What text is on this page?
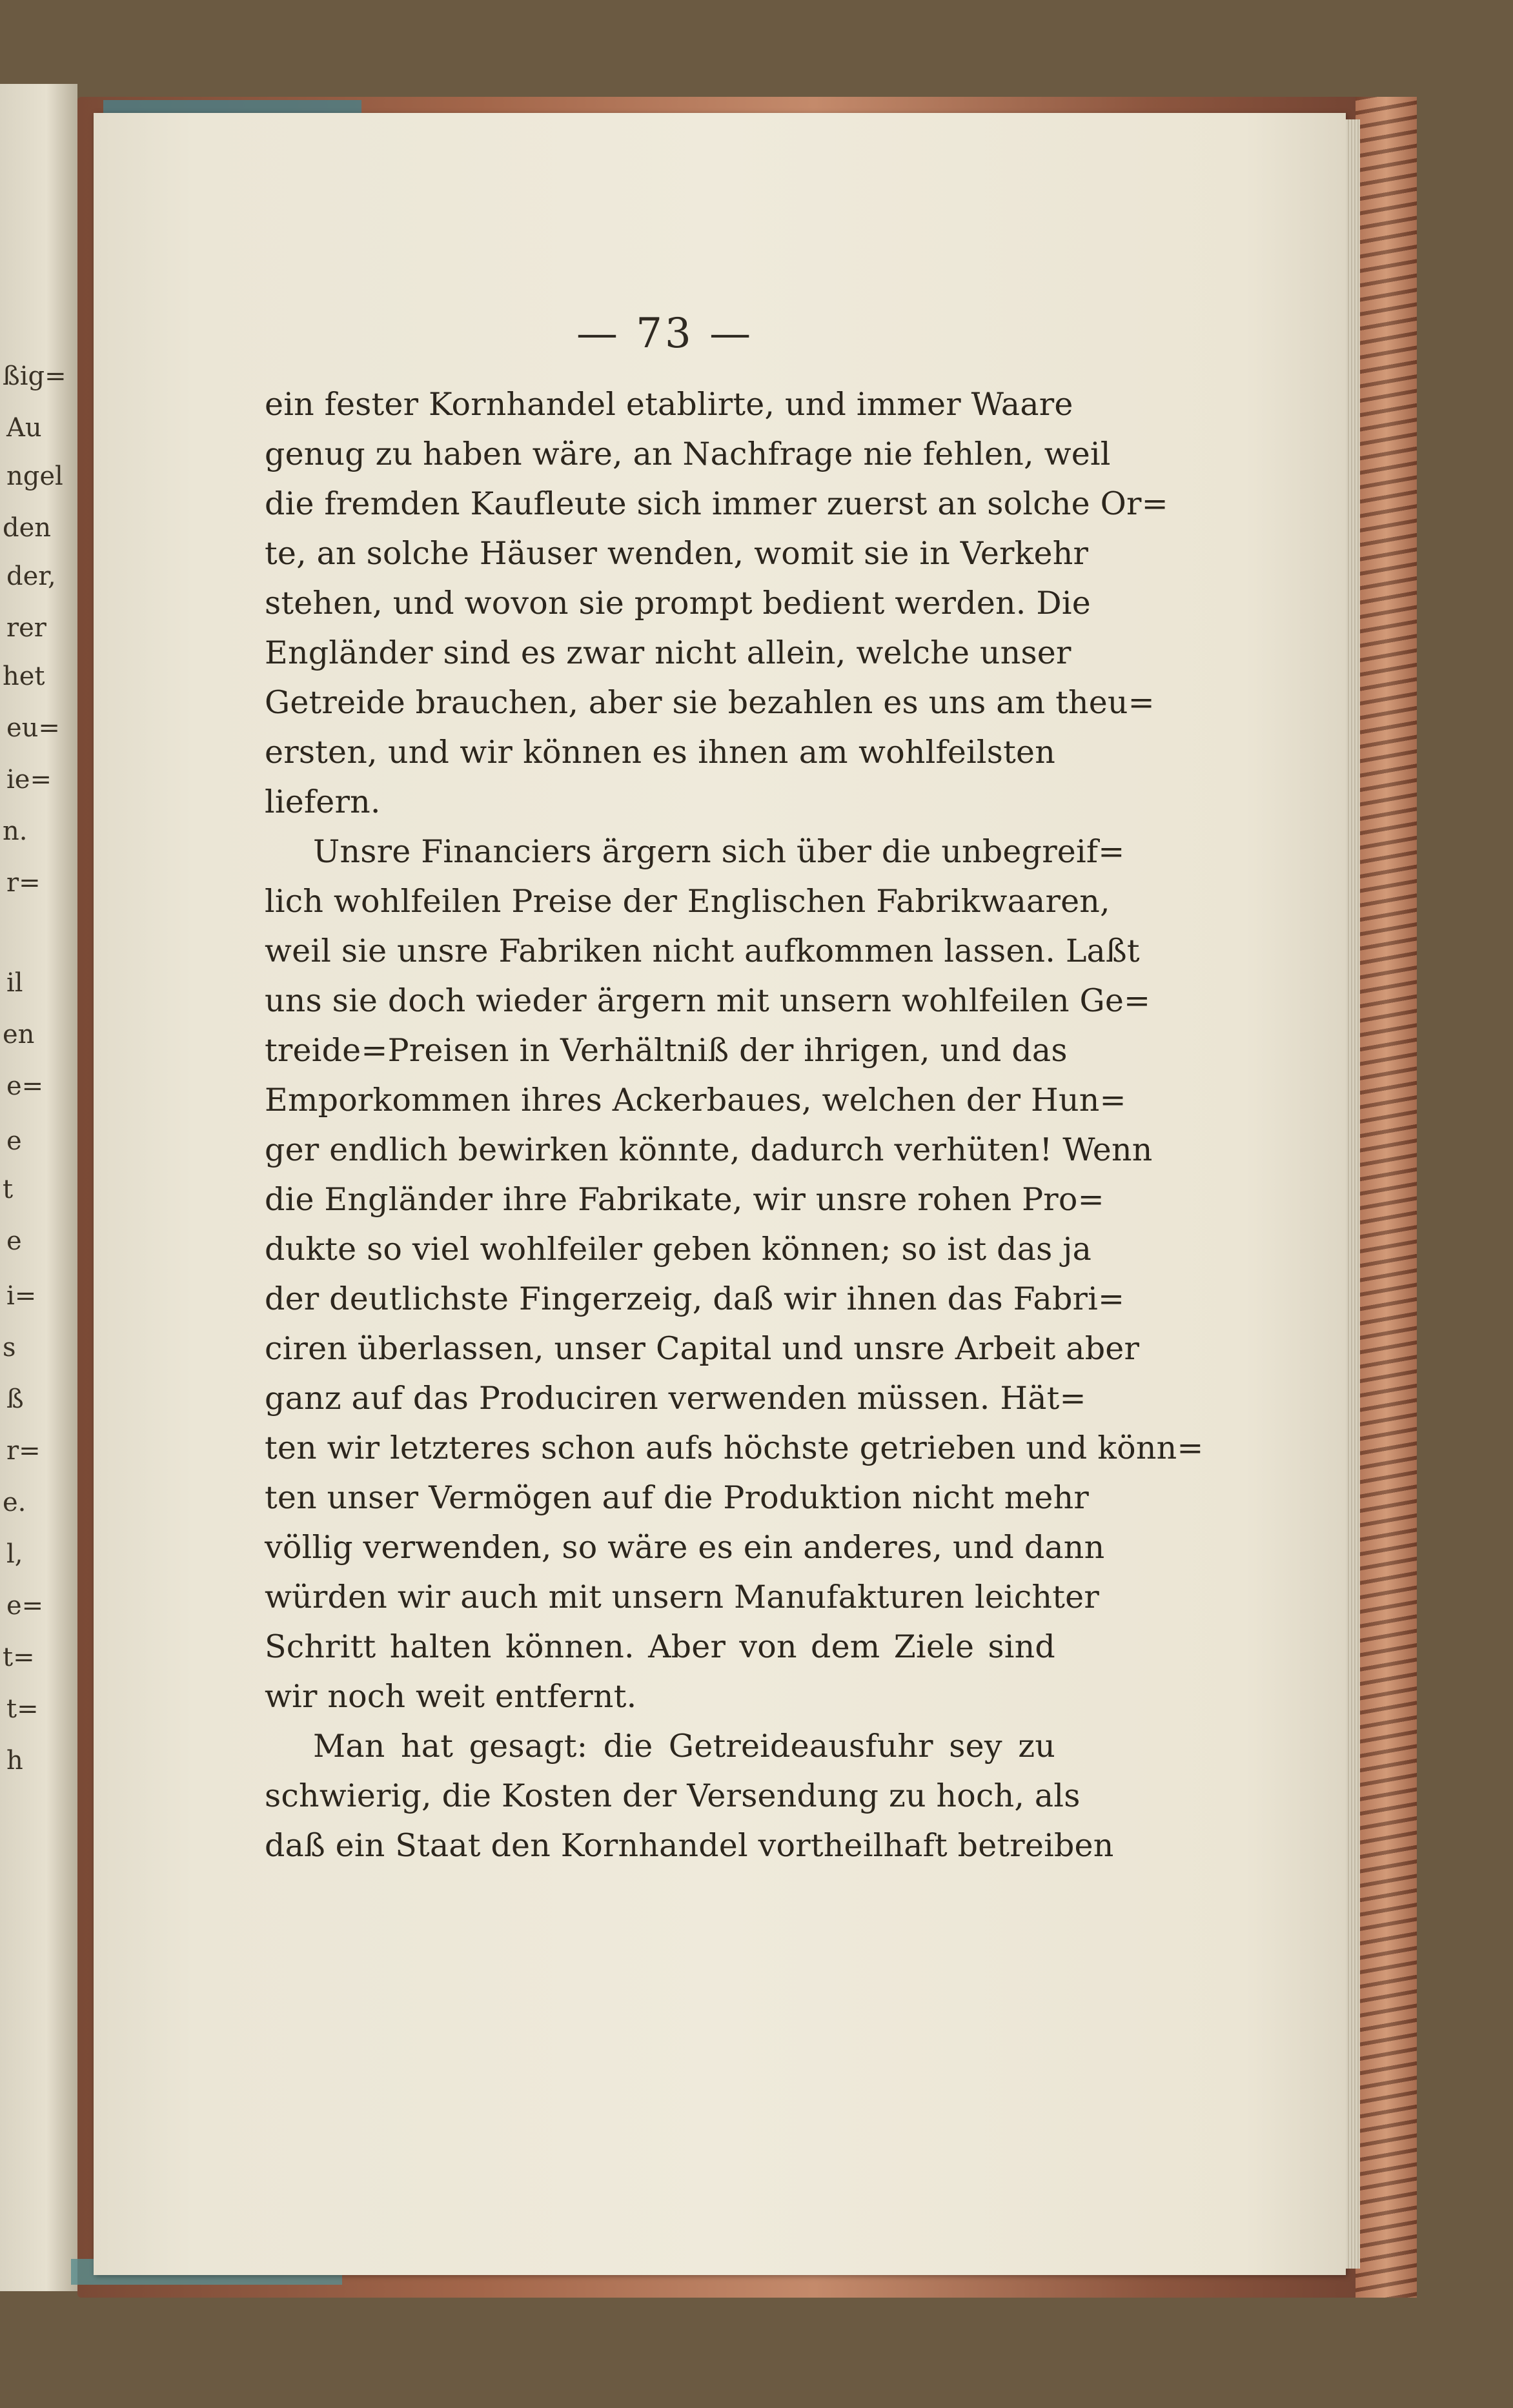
ßig=
Au
ngel
den
der,
rer
het
eu=
ie=
n.
r=
il
en
e=
e
t
e
i=
s
ß
r=
e.
l,
e=
t=
t=
h
— 73 —
ein fester Kornhandel etablirte, und immer Waare
genug zu haben wäre, an Nachfrage nie fehlen, weil
die fremden Kaufleute sich immer zuerst an solche Or=
te, an solche Häuser wenden, womit sie in Verkehr
stehen, und wovon sie prompt bedient werden. Die
Engländer sind es zwar nicht allein, welche unser
Getreide brauchen, aber sie bezahlen es uns am theu=
ersten, und wir können es ihnen am wohlfeilsten
liefern.
Unsre Financiers ärgern sich über die unbegreif=
lich wohlfeilen Preise der Englischen Fabrikwaaren,
weil sie unsre Fabriken nicht aufkommen lassen. Laßt
uns sie doch wieder ärgern mit unsern wohlfeilen Ge=
treide=Preisen in Verhältniß der ihrigen, und das
Emporkommen ihres Ackerbaues, welchen der Hun=
ger endlich bewirken könnte, dadurch verhüten! Wenn
die Engländer ihre Fabrikate, wir unsre rohen Pro=
dukte so viel wohlfeiler geben können; so ist das ja
der deutlichste Fingerzeig, daß wir ihnen das Fabri=
ciren überlassen, unser Capital und unsre Arbeit aber
ganz auf das Produciren verwenden müssen. Hät=
ten wir letzteres schon aufs höchste getrieben und könn=
ten unser Vermögen auf die Produktion nicht mehr
völlig verwenden, so wäre es ein anderes, und dann
würden wir auch mit unsern Manufakturen leichter
Schritt halten können. Aber von dem Ziele sind
wir noch weit entfernt.
Man hat gesagt: die Getreideausfuhr sey zu
schwierig, die Kosten der Versendung zu hoch, als
daß ein Staat den Kornhandel vortheilhaft betreiben
